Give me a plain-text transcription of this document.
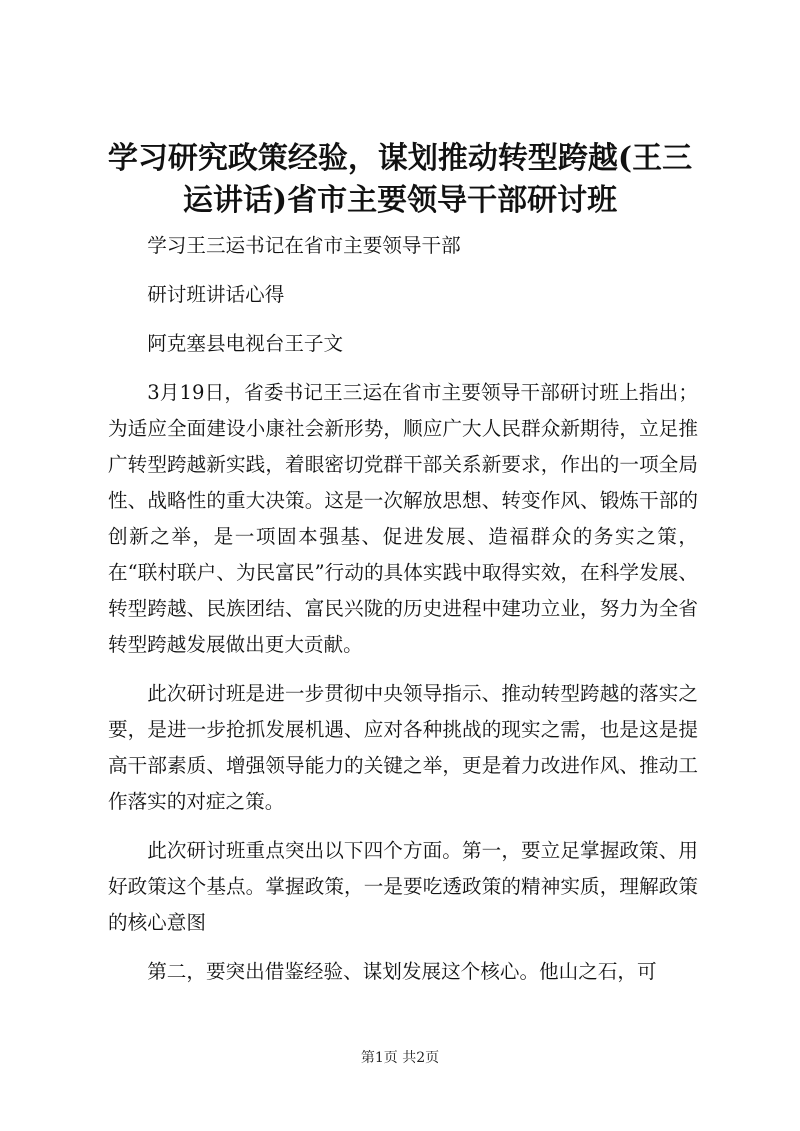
学习研究政策经验，谋划推动转型跨越(王三运讲话)省市主要领导干部研讨班

学习王三运书记在省市主要领导干部

研讨班讲话心得

阿克塞县电视台王子文

3月19日，省委书记王三运在省市主要领导干部研讨班上指出；为适应全面建设小康社会新形势，顺应广大人民群众新期待，立足推广转型跨越新实践，着眼密切党群干部关系新要求，作出的一项全局性、战略性的重大决策。这是一次解放思想、转变作风、锻炼干部的创新之举，是一项固本强基、促进发展、造福群众的务实之策，在“联村联户、为民富民”行动的具体实践中取得实效，在科学发展、转型跨越、民族团结、富民兴陇的历史进程中建功立业，努力为全省转型跨越发展做出更大贡献。

此次研讨班是进一步贯彻中央领导指示、推动转型跨越的落实之要，是进一步抢抓发展机遇、应对各种挑战的现实之需，也是这是提高干部素质、增强领导能力的关键之举，更是着力改进作风、推动工作落实的对症之策。

此次研讨班重点突出以下四个方面。第一，要立足掌握政策、用好政策这个基点。掌握政策，一是要吃透政策的精神实质，理解政策的核心意图

第二，要突出借鉴经验、谋划发展这个核心。他山之石，可

第1页 共2页
